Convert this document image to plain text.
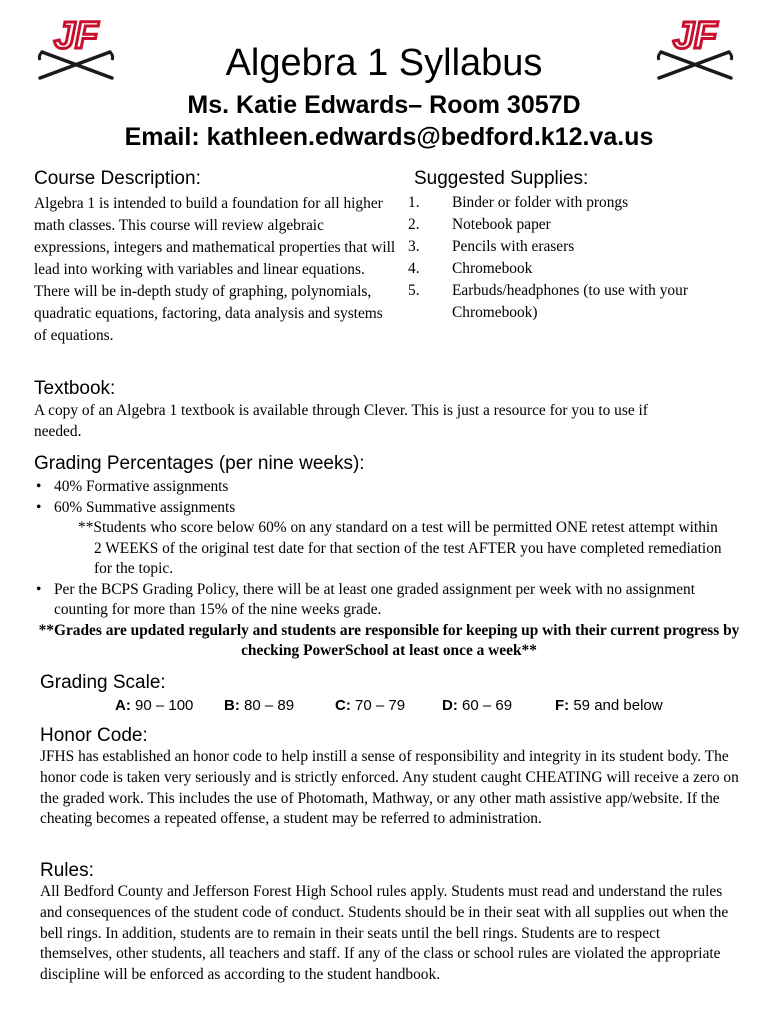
JF	JF
Algebra 1 Syllabus
Ms. Katie Edwards– Room 3057D
Email: kathleen.edwards@bedford.k12.va.us
Course Description:
Algebra 1 is intended to build a foundation for all higher math classes. This course will review algebraic expressions, integers and mathematical properties that will lead into working with variables and linear equations. There will be in-depth study of graphing, polynomials, quadratic equations, factoring, data analysis and systems of equations.
Suggested Supplies:
1.	Binder or folder with prongs
2.	Notebook paper
3.	Pencils with erasers
4.	Chromebook
5.	Earbuds/headphones (to use with your Chromebook)
Textbook:
A copy of an Algebra 1 textbook is available through Clever. This is just a resource for you to use if needed.
Grading Percentages (per nine weeks):
• 40% Formative assignments
• 60% Summative assignments
**Students who score below 60% on any standard on a test will be permitted ONE retest attempt within 2 WEEKS of the original test date for that section of the test AFTER you have completed remediation for the topic.
• Per the BCPS Grading Policy, there will be at least one graded assignment per week with no assignment counting for more than 15% of the nine weeks grade.
**Grades are updated regularly and students are responsible for keeping up with their current progress by checking PowerSchool at least once a week**
Grading Scale:
A: 90 – 100 B: 80 – 89	C: 70 – 79 D: 60 – 69	F: 59 and below
Honor Code:
JFHS has established an honor code to help instill a sense of responsibility and integrity in its student body. The honor code is taken very seriously and is strictly enforced. Any student caught CHEATING will receive a zero on the graded work. This includes the use of Photomath, Mathway, or any other math assistive app/website. If the cheating becomes a repeated offense, a student may be referred to administration.
Rules:
All Bedford County and Jefferson Forest High School rules apply. Students must read and understand the rules and consequences of the student code of conduct. Students should be in their seat with all supplies out when the bell rings. In addition, students are to remain in their seats until the bell rings. Students are to respect themselves, other students, all teachers and staff. If any of the class or school rules are violated the appropriate discipline will be enforced as according to the student handbook.
